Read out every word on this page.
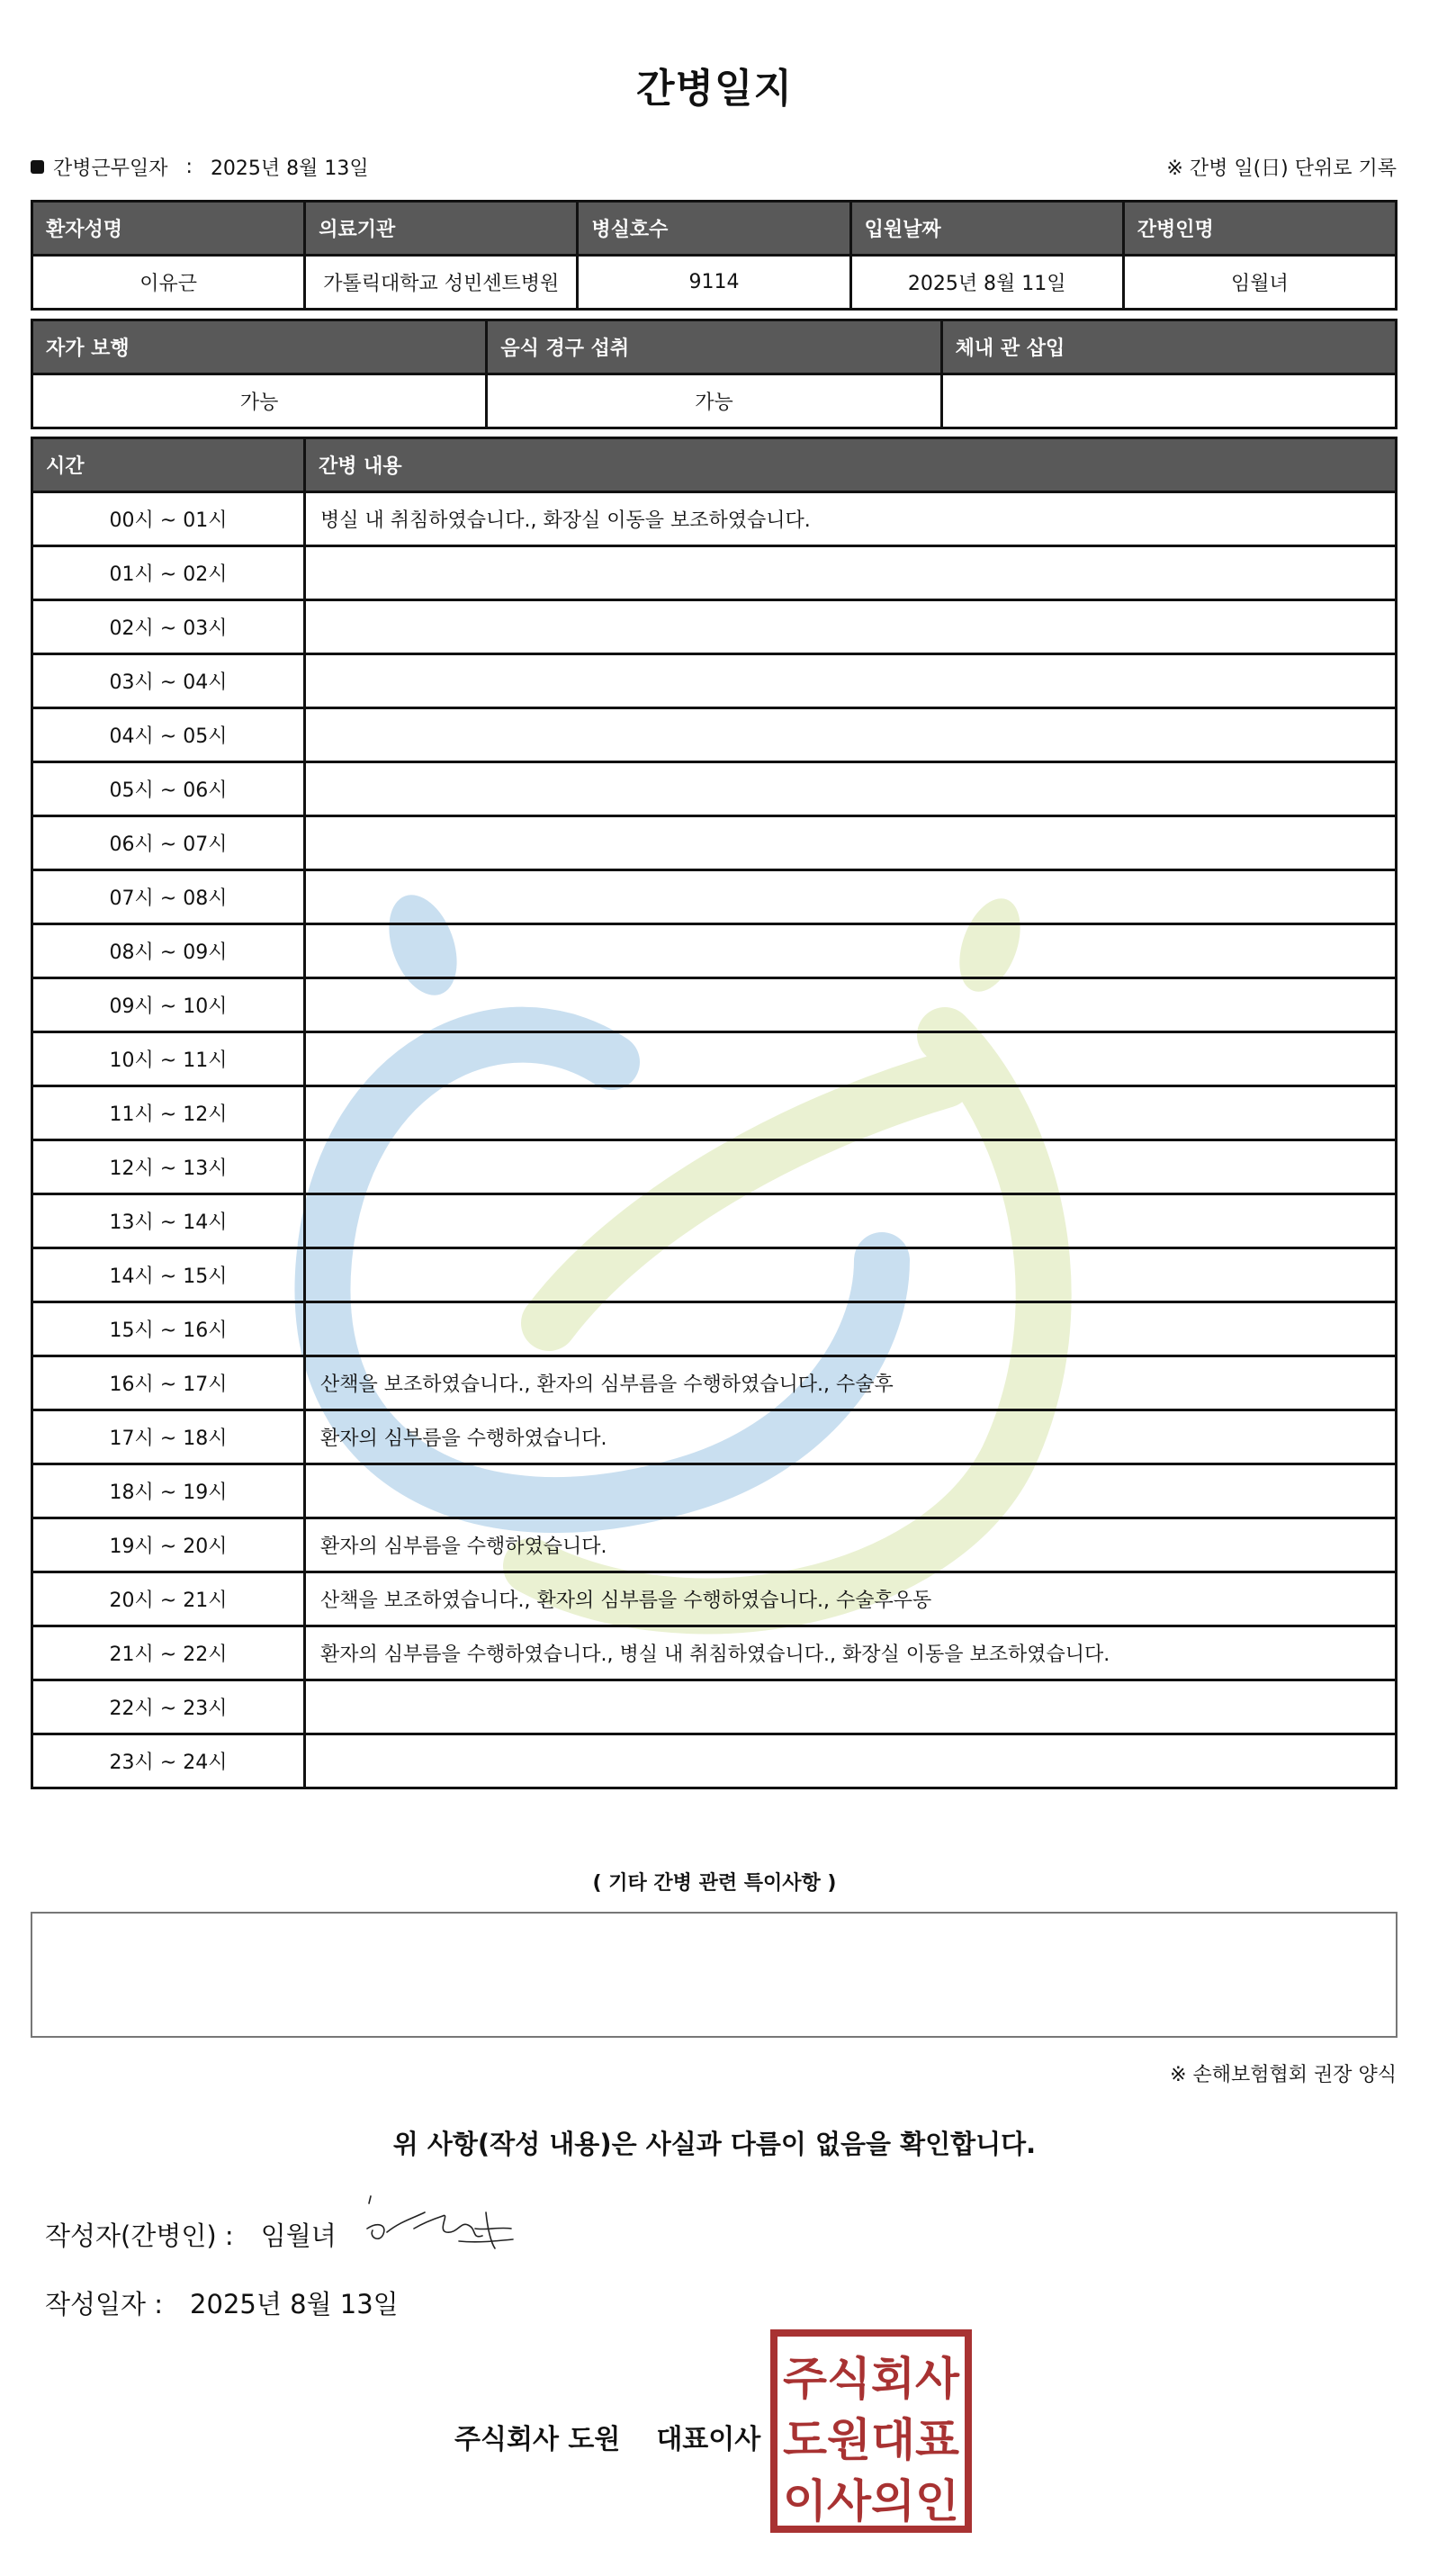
간병일지
간병근무일자 : 2025년 8월 13일	※ 간병 일(日) 단위로 기록
환자성명	의료기관	병실호수	입원날짜	간병인명
이유근	가톨릭대학교 성빈센트병원	9114	2025년 8월 11일	임월녀
자가 보행	음식 경구 섭취	체내 관 삽입
가능	가능
시간	간병 내용
00시 ~ 01시	병실 내 취침하였습니다., 화장실 이동을 보조하였습니다.
01시 ~ 02시
02시 ~ 03시
03시 ~ 04시
04시 ~ 05시
05시 ~ 06시
06시 ~ 07시
07시 ~ 08시
08시 ~ 09시
09시 ~ 10시
10시 ~ 11시
11시 ~ 12시
12시 ~ 13시
13시 ~ 14시
14시 ~ 15시
15시 ~ 16시
16시 ~ 17시	산책을 보조하였습니다., 환자의 심부름을 수행하였습니다., 수술후
17시 ~ 18시	환자의 심부름을 수행하였습니다.
18시 ~ 19시
19시 ~ 20시	환자의 심부름을 수행하였습니다.
20시 ~ 21시	산책을 보조하였습니다., 환자의 심부름을 수행하였습니다., 수술후우동
21시 ~ 22시	환자의 심부름을 수행하였습니다., 병실 내 취침하였습니다., 화장실 이동을 보조하였습니다.
22시 ~ 23시
23시 ~ 24시
( 기타 간병 관련 특이사항 )
※ 손해보험협회 권장 양식
위 사항(작성 내용)은 사실과 다름이 없음을 확인합니다.
작성자(간병인) : 임월녀
작성일자 : 2025년 8월 13일
주식회사 도원 대표이사
주식회사
도원대표
이사의인
